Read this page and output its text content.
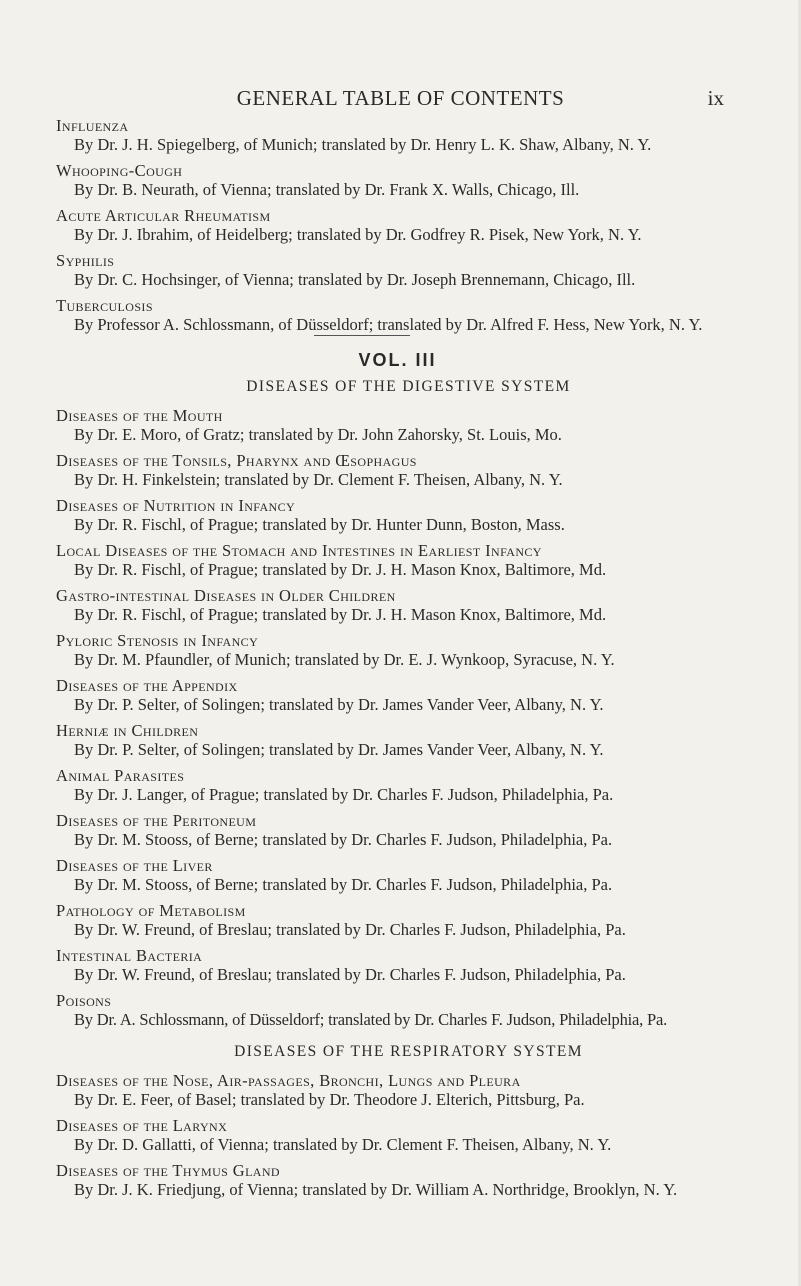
GENERAL TABLE OF CONTENTS	ix
Influenza
By Dr. J. H. Spiegelberg, of Munich; translated by Dr. Henry L. K. Shaw, Albany, N. Y.
Whooping-Cough
By Dr. B. Neurath, of Vienna; translated by Dr. Frank X. Walls, Chicago, Ill.
Acute Articular Rheumatism
By Dr. J. Ibrahim, of Heidelberg; translated by Dr. Godfrey R. Pisek, New York, N. Y.
Syphilis
By Dr. C. Hochsinger, of Vienna; translated by Dr. Joseph Brennemann, Chicago, Ill.
Tuberculosis
By Professor A. Schlossmann, of Düsseldorf; translated by Dr. Alfred F. Hess, New York, N. Y.
VOL. III
DISEASES OF THE DIGESTIVE SYSTEM
Diseases of the Mouth
By Dr. E. Moro, of Gratz; translated by Dr. John Zahorsky, St. Louis, Mo.
Diseases of the Tonsils, Pharynx and Œsophagus
By Dr. H. Finkelstein; translated by Dr. Clement F. Theisen, Albany, N. Y.
Diseases of Nutrition in Infancy
By Dr. R. Fischl, of Prague; translated by Dr. Hunter Dunn, Boston, Mass.
Local Diseases of the Stomach and Intestines in Earliest Infancy
By Dr. R. Fischl, of Prague; translated by Dr. J. H. Mason Knox, Baltimore, Md.
Gastro-intestinal Diseases in Older Children
By Dr. R. Fischl, of Prague; translated by Dr. J. H. Mason Knox, Baltimore, Md.
Pyloric Stenosis in Infancy
By Dr. M. Pfaundler, of Munich; translated by Dr. E. J. Wynkoop, Syracuse, N. Y.
Diseases of the Appendix
By Dr. P. Selter, of Solingen; translated by Dr. James Vander Veer, Albany, N. Y.
Herniæ in Children
By Dr. P. Selter, of Solingen; translated by Dr. James Vander Veer, Albany, N. Y.
Animal Parasites
By Dr. J. Langer, of Prague; translated by Dr. Charles F. Judson, Philadelphia, Pa.
Diseases of the Peritoneum
By Dr. M. Stooss, of Berne; translated by Dr. Charles F. Judson, Philadelphia, Pa.
Diseases of the Liver
By Dr. M. Stooss, of Berne; translated by Dr. Charles F. Judson, Philadelphia, Pa.
Pathology of Metabolism
By Dr. W. Freund, of Breslau; translated by Dr. Charles F. Judson, Philadelphia, Pa.
Intestinal Bacteria
By Dr. W. Freund, of Breslau; translated by Dr. Charles F. Judson, Philadelphia, Pa.
Poisons
By Dr. A. Schlossmann, of Düsseldorf; translated by Dr. Charles F. Judson, Philadelphia, Pa.
DISEASES OF THE RESPIRATORY SYSTEM
Diseases of the Nose, Air-passages, Bronchi, Lungs and Pleura
By Dr. E. Feer, of Basel; translated by Dr. Theodore J. Elterich, Pittsburg, Pa.
Diseases of the Larynx
By Dr. D. Gallatti, of Vienna; translated by Dr. Clement F. Theisen, Albany, N. Y.
Diseases of the Thymus Gland
By Dr. J. K. Friedjung, of Vienna; translated by Dr. William A. Northridge, Brooklyn, N. Y.
